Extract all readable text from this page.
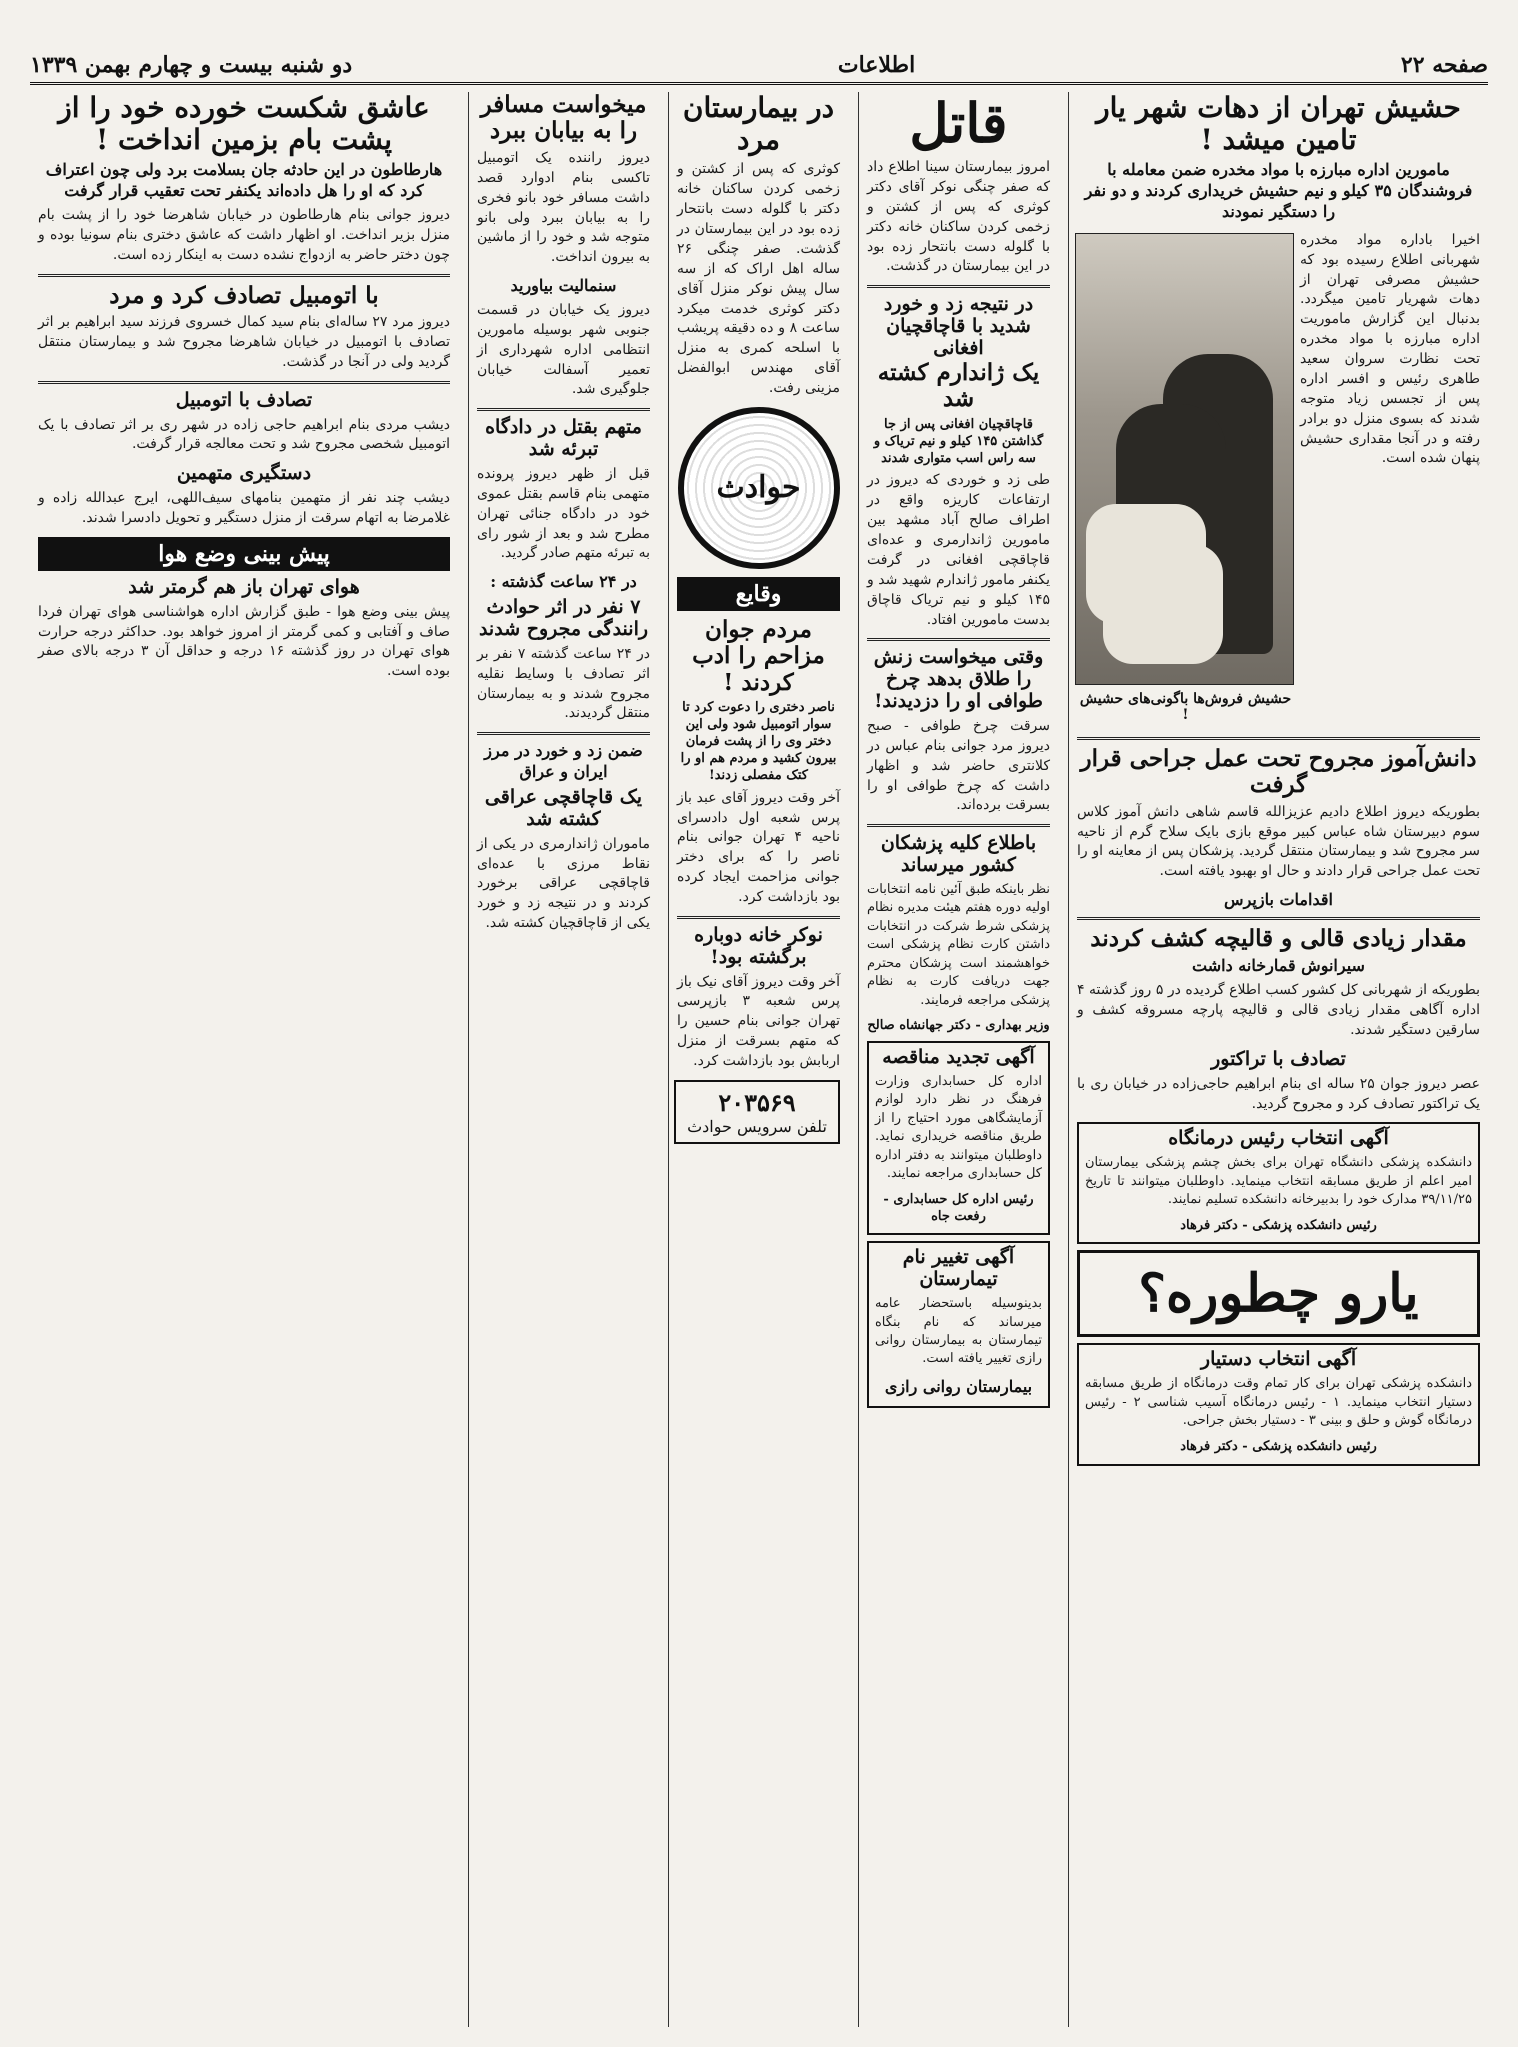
صفحه ۲۲
اطلاعات
دو شنبه بیست و چهارم بهمن ۱۳۳۹
حشیش تهران از دهات شهر یار تامین میشد !
مامورین اداره مبارزه با مواد مخدره ضمن معامله با فروشندگان ۳۵ کیلو و نیم حشیش خریداری کردند و دو نفر را دستگیر نمودند

اخیرا باداره مواد مخدره شهربانی اطلاع رسیده بود که حشیش مصرفی تهران از دهات شهریار تامین میگردد. بدنبال این گزارش ماموریت اداره مبارزه با مواد مخدره تحت نظارت سروان سعید طاهری رئیس و افسر اداره پس از تجسس زیاد متوجه شدند که بسوی منزل دو برادر رفته و در آنجا مقداری حشیش پنهان شده است.

حشیش فروش‌ها باگونی‌های حشیش !
دانش‌آموز مجروح تحت عمل جراحی قرار گرفت

بطوریکه دیروز اطلاع دادیم عزیزالله قاسم شاهی دانش آموز کلاس سوم دبیرستان شاه عباس کبیر موقع بازی بایک سلاح گرم از ناحیه سر مجروح شد و بیمارستان منتقل گردید. پزشکان پس از معاینه او را تحت عمل جراحی قرار دادند و حال او بهبود یافته است.

اقدامات بازپرس
مقدار زیادی قالی و قالیچه کشف کردند
سیرانوش قمارخانه داشت

بطوریکه از شهربانی کل کشور کسب اطلاع گردیده در ۵ روز گذشته ۴ اداره آگاهی مقدار زیادی قالی و قالیچه پارچه مسروقه کشف و سارقین دستگیر شدند.

تصادف با تراکتور

عصر دیروز جوان ۲۵ ساله ای بنام ابراهیم حاجی‌زاده در خیابان ری با یک تراکتور تصادف کرد و مجروح گردید.

آگهی انتخاب رئیس درمانگاه

دانشکده پزشکی دانشگاه تهران برای بخش چشم پزشکی بیمارستان امیر اعلم از طریق مسابقه انتخاب مینماید. داوطلبان میتوانند تا تاریخ ۳۹/۱۱/۲۵ مدارک خود را بدبیرخانه دانشکده تسلیم نمایند.

رئیس دانشکده پزشکی - دکتر فرهاد
یارو چطوره؟
آگهی انتخاب دستیار

دانشکده پزشکی تهران برای کار تمام وقت درمانگاه از طریق مسابقه دستیار انتخاب مینماید. ۱ - رئیس درمانگاه آسیب شناسی ۲ - رئیس درمانگاه گوش و حلق و بینی ۳ - دستیار بخش جراحی.

رئیس دانشکده پزشکی - دکتر فرهاد
قاتل

امروز بیمارستان سینا اطلاع داد که صفر چنگی نوکر آقای دکتر کوثری که پس از کشتن و زخمی کردن ساکنان خانه دکتر با گلوله دست بانتحار زده بود در این بیمارستان در گذشت.

در نتیجه زد و خورد شدید با قاچاقچیان افغانی
یک ژاندارم کشته شد
قاچاقچیان افغانی پس از جا گذاشتن ۱۴۵ کیلو و نیم تریاک و سه راس اسب متواری شدند

طی زد و خوردی که دیروز در ارتفاعات کاریزه واقع در اطراف صالح آباد مشهد بین مامورین ژاندارمری و عده‌ای قاچاقچی افغانی در گرفت یکنفر مامور ژاندارم شهید شد و ۱۴۵ کیلو و نیم تریاک قاچاق بدست مامورین افتاد.

وقتی میخواست زنش را طلاق بدهد چرخ طوافی او را دزدیدند!

سرقت چرخ طوافی - صبح دیروز مرد جوانی بنام عباس در کلانتری حاضر شد و اظهار داشت که چرخ طوافی او را بسرقت برده‌اند.

باطلاع کلیه پزشکان کشور میرساند

نظر باینکه طبق آئین نامه انتخابات اولیه دوره هفتم هیئت مدیره نظام پزشکی شرط شرکت در انتخابات داشتن کارت نظام پزشکی است خواهشمند است پزشکان محترم جهت دریافت کارت به نظام پزشکی مراجعه فرمایند.

وزیر بهداری - دکتر جهانشاه صالح
آگهی تجدید مناقصه

اداره کل حسابداری وزارت فرهنگ در نظر دارد لوازم آزمایشگاهی مورد احتیاج را از طریق مناقصه خریداری نماید. داوطلبان میتوانند به دفتر اداره کل حسابداری مراجعه نمایند.

رئیس اداره کل حسابداری - رفعت جاه
آگهی تغییر نام تیمارستان

بدینوسیله باستحضار عامه میرساند که نام بنگاه تیمارستان به بیمارستان روانی رازی تغییر یافته است.

بیمارستان روانی رازی
در بیمارستان مرد

کوثری که پس از کشتن و زخمی کردن ساکنان خانه دکتر با گلوله دست بانتحار زده بود در این بیمارستان در گذشت. صفر چنگی ۲۶ ساله اهل اراک که از سه سال پیش نوکر منزل آقای دکتر کوثری خدمت میکرد ساعت ۸ و ده دقیقه پریشب با اسلحه کمری به منزل آقای مهندس ابوالفضل مزینی رفت.

حوادث
وقایع
مردم جوان مزاحم را ادب کردند !
ناصر دختری را دعوت کرد تا سوار اتومبیل شود ولی این دختر وی را از پشت فرمان بیرون کشید و مردم هم او را کتک مفصلی زدند!

آخر وقت دیروز آقای عبد باز پرس شعبه اول دادسرای ناحیه ۴ تهران جوانی بنام ناصر را که برای دختر جوانی مزاحمت ایجاد کرده بود بازداشت کرد.

نوکر خانه دوباره برگشته بود!

آخر وقت دیروز آقای نیک باز پرس شعبه ۳ بازپرسی تهران جوانی بنام حسین را که متهم بسرقت از منزل اربابش بود بازداشت کرد.

۲۰۳۵۶۹
تلفن سرویس حوادث
میخواست مسافر را به بیابان ببرد

دیروز راننده یک اتومبیل تاکسی بنام ادوارد قصد داشت مسافر خود بانو فخری را به بیابان ببرد ولی بانو متوجه شد و خود را از ماشین به بیرون انداخت.

سنمالیت بیاورید

دیروز یک خیابان در قسمت جنوبی شهر بوسیله مامورین انتظامی اداره شهرداری از تعمیر آسفالت خیابان جلوگیری شد.

متهم بقتل در دادگاه تبرئه شد

قبل از ظهر دیروز پرونده متهمی بنام قاسم بقتل عموی خود در دادگاه جنائی تهران مطرح شد و بعد از شور رای به تبرئه متهم صادر گردید.

در ۲۴ ساعت گذشته :
۷ نفر در اثر حوادث رانندگی مجروح شدند

در ۲۴ ساعت گذشته ۷ نفر بر اثر تصادف با وسایط نقلیه مجروح شدند و به بیمارستان منتقل گردیدند.

ضمن زد و خورد در مرز ایران و عراق
یک قاچاقچی عراقی کشته شد

ماموران ژاندارمری در یکی از نقاط مرزی با عده‌ای قاچاقچی عراقی برخورد کردند و در نتیجه زد و خورد یکی از قاچاقچیان کشته شد.

عاشق شکست خورده خود را از پشت بام بزمین انداخت !
هارطاطون در این حادثه جان بسلامت برد ولی چون اعتراف کرد که او را هل داده‌اند یکنفر تحت تعقیب قرار گرفت

دیروز جوانی بنام هارطاطون در خیابان شاهرضا خود را از پشت بام منزل بزیر انداخت. او اظهار داشت که عاشق دختری بنام سونیا بوده و چون دختر حاضر به ازدواج نشده دست به اینکار زده است.

با اتومبیل تصادف کرد و مرد

دیروز مرد ۲۷ ساله‌ای بنام سید کمال خسروی فرزند سید ابراهیم بر اثر تصادف با اتومبیل در خیابان شاهرضا مجروح شد و بیمارستان منتقل گردید ولی در آنجا در گذشت.

تصادف با اتومبیل

دیشب مردی بنام ابراهیم حاجی زاده در شهر ری بر اثر تصادف با یک اتومبیل شخصی مجروح شد و تحت معالجه قرار گرفت.

دستگیری متهمین

دیشب چند نفر از متهمین بنامهای سیف‌اللهی، ایرج عبدالله زاده و غلامرضا به اتهام سرقت از منزل دستگیر و تحویل دادسرا شدند.

پیش بینی وضع هوا
هوای تهران باز هم گرمتر شد

پیش بینی وضع هوا - طبق گزارش اداره هواشناسی هوای تهران فردا صاف و آفتابی و کمی گرمتر از امروز خواهد بود. حداکثر درجه حرارت هوای تهران در روز گذشته ۱۶ درجه و حداقل آن ۳ درجه بالای صفر بوده است.
